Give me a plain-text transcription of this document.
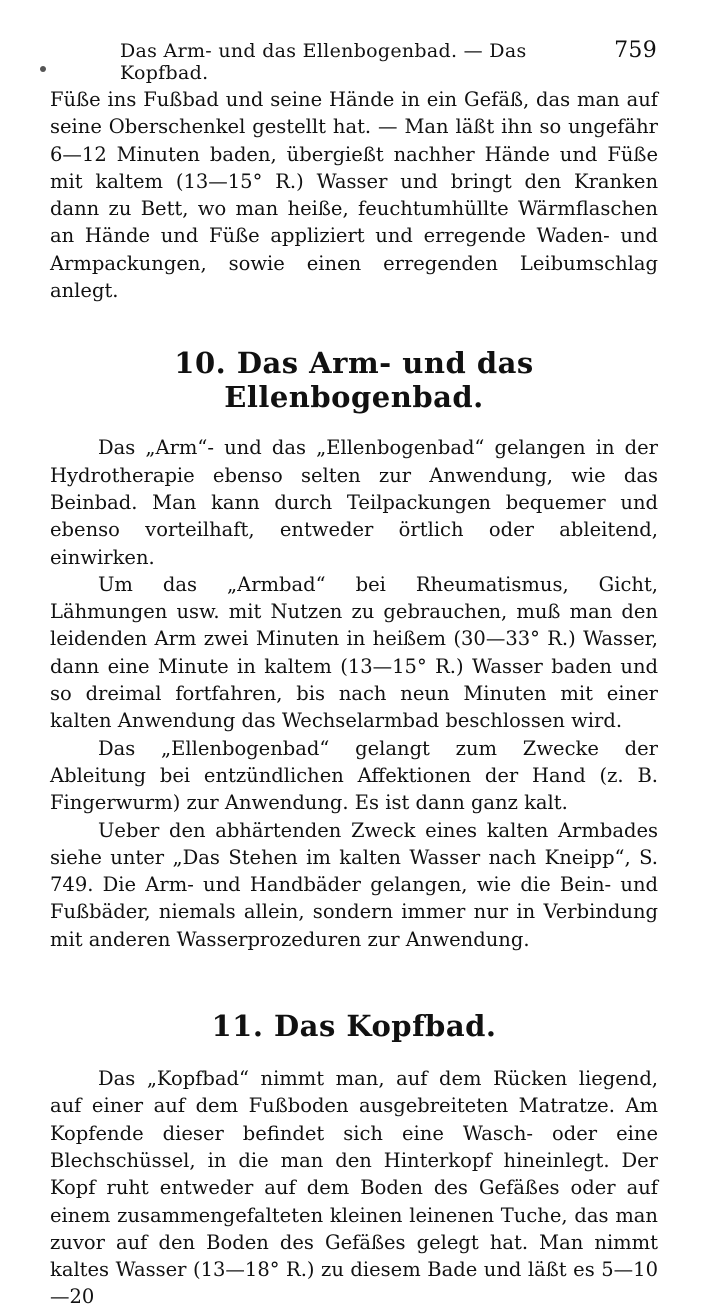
Das Arm- und das Ellenbogenbad. — Das Kopfbad.
759

Füße ins Fußbad und seine Hände in ein Gefäß, das man auf seine Oberschenkel gestellt hat. — Man läßt ihn so ungefähr 6—12 Minuten baden, übergießt nachher Hände und Füße mit kaltem (13—15° R.) Wasser und bringt den Kranken dann zu Bett, wo man heiße, feuchtumhüllte Wärmflaschen an Hände und Füße appliziert und erregende Waden- und Armpackungen, sowie einen erregenden Leibumschlag anlegt.

10. Das Arm- und das Ellenbogenbad.

Das „Arm“- und das „Ellenbogenbad“ gelangen in der Hydrotherapie ebenso selten zur Anwendung, wie das Beinbad. Man kann durch Teilpackungen bequemer und ebenso vorteilhaft, entweder örtlich oder ableitend, einwirken.

Um das „Armbad“ bei Rheumatismus, Gicht, Lähmungen usw. mit Nutzen zu gebrauchen, muß man den leidenden Arm zwei Minuten in heißem (30—33° R.) Wasser, dann eine Minute in kaltem (13—15° R.) Wasser baden und so dreimal fortfahren, bis nach neun Minuten mit einer kalten Anwendung das Wechselarmbad beschlossen wird.

Das „Ellenbogenbad“ gelangt zum Zwecke der Ableitung bei entzündlichen Affektionen der Hand (z. B. Fingerwurm) zur Anwendung. Es ist dann ganz kalt.

Ueber den abhärtenden Zweck eines kalten Armbades siehe unter „Das Stehen im kalten Wasser nach Kneipp“, S. 749. Die Arm- und Handbäder gelangen, wie die Bein- und Fußbäder, niemals allein, sondern immer nur in Verbindung mit anderen Wasserprozeduren zur Anwendung.

11. Das Kopfbad.

Das „Kopfbad“ nimmt man, auf dem Rücken liegend, auf einer auf dem Fußboden ausgebreiteten Matratze. Am Kopfende dieser befindet sich eine Wasch- oder eine Blechschüssel, in die man den Hinterkopf hineinlegt. Der Kopf ruht entweder auf dem Boden des Gefäßes oder auf einem zusammengefalteten kleinen leinenen Tuche, das man zuvor auf den Boden des Gefäßes gelegt hat. Man nimmt kaltes Wasser (13—18° R.) zu diesem Bade und läßt es 5—10—20
